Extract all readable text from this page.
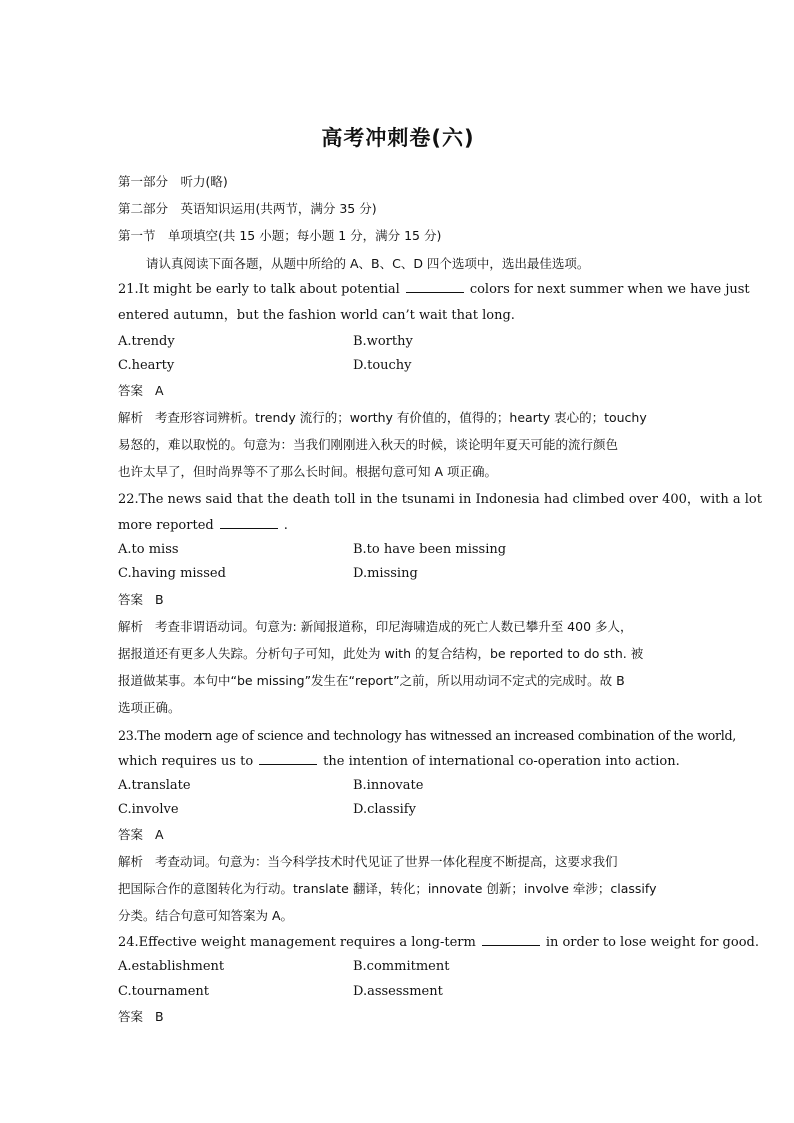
高考冲刺卷(六)
第一部分　听力(略)
第二部分　英语知识运用(共两节，满分 35 分)
第一节　单项填空(共 15 小题；每小题 1 分，满分 15 分)
请认真阅读下面各题，从题中所给的 A、B、C、D 四个选项中，选出最佳选项。
21.It might be early to talk about potential	colors for next summer when we have just
entered autumn，but the fashion world can’t wait that long.
A.trendy	B.worthy
C.hearty	D.touchy
答案 A
解析 考查形容词辨析。trendy 流行的；worthy 有价值的，值得的；hearty 衷心的；touchy
易怒的，难以取悦的。句意为：当我们刚刚进入秋天的时候，谈论明年夏天可能的流行颜色
也许太早了，但时尚界等不了那么长时间。根据句意可知 A 项正确。
22.The news said that the death toll in the tsunami in Indonesia had climbed over 400，with a lot
more reported	.
A.to miss	B.to have been missing
C.having missed	D.missing
答案 B
解析 考查非谓语动词。句意为: 新闻报道称，印尼海啸造成的死亡人数已攀升至 400 多人，
据报道还有更多人失踪。分析句子可知，此处为 with 的复合结构，be reported to do sth. 被
报道做某事。本句中“be missing”发生在“report”之前，所以用动词不定式的完成时。故 B
选项正确。
23.The modern age of science and technology has witnessed an increased combination of the world,
which requires us to	the intention of international co-operation into action.
A.translate	B.innovate
C.involve	D.classify
答案 A
解析 考查动词。句意为：当今科学技术时代见证了世界一体化程度不断提高，这要求我们
把国际合作的意图转化为行动。translate 翻译，转化；innovate 创新；involve 牵涉；classify
分类。结合句意可知答案为 A。
24.Effective weight management requires a long-term	in order to lose weight for good.
A.establishment	B.commitment
C.tournament	D.assessment
答案 B
